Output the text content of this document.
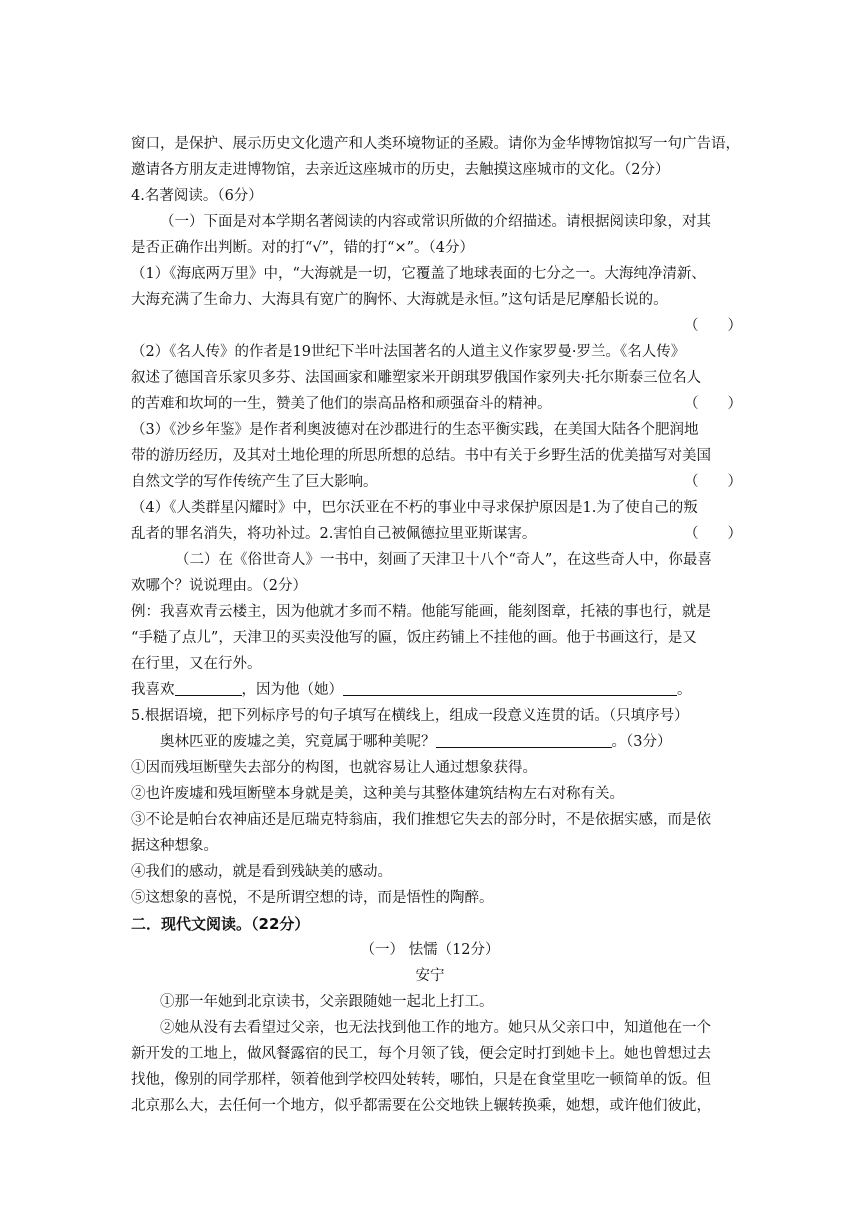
窗口，是保护、展示历史文化遗产和人类环境物证的圣殿。请你为金华博物馆拟写一句广告语，
邀请各方朋友走进博物馆，去亲近这座城市的历史，去触摸这座城市的文化。（2分）
4.名著阅读。（6分）
（一）下面是对本学期名著阅读的内容或常识所做的介绍描述。请根据阅读印象，对其
是否正确作出判断。对的打“√”，错的打“×”。（4分）
（1）《海底两万里》中，“大海就是一切，它覆盖了地球表面的七分之一。大海纯净清新、
大海充满了生命力、大海具有宽广的胸怀、大海就是永恒。”这句话是尼摩船长说的。
（　　）
（2）《名人传》的作者是19世纪下半叶法国著名的人道主义作家罗曼·罗兰。《名人传》
叙述了德国音乐家贝多芬、法国画家和雕塑家米开朗琪罗俄国作家列夫·托尔斯泰三位名人
的苦难和坎坷的一生，赞美了他们的崇高品格和顽强奋斗的精神。	（　　）
（3）《沙乡年鉴》是作者利奥波德对在沙郡进行的生态平衡实践，在美国大陆各个肥润地
带的游历经历，及其对土地伦理的所思所想的总结。书中有关于乡野生活的优美描写对美国
自然文学的写作传统产生了巨大影响。	（　　）
（4）《人类群星闪耀时》中，巴尔沃亚在不朽的事业中寻求保护原因是1.为了使自己的叛
乱者的罪名消失，将功补过。2.害怕自己被佩德拉里亚斯谋害。	（　　）
（二）在《俗世奇人》一书中，刻画了天津卫十八个“奇人”，在这些奇人中，你最喜
欢哪个？说说理由。（2分）
例：我喜欢青云楼主，因为他就才多而不精。他能写能画，能刻图章，托裱的事也行，就是
“手糙了点儿”，天津卫的买卖没他写的匾，饭庄药铺上不挂他的画。他于书画这行，是又
在行里，又在行外。
我喜欢	，因为他（她）	。
5.根据语境，把下列标序号的句子填写在横线上，组成一段意义连贯的话。（只填序号）
奥林匹亚的废墟之美，究竟属于哪种美呢？	。（3分）
①因而残垣断壁失去部分的构图，也就容易让人通过想象获得。
②也许废墟和残垣断壁本身就是美，这种美与其整体建筑结构左右对称有关。
③不论是帕台农神庙还是厄瑞克特翁庙，我们推想它失去的部分时，不是依据实感，而是依
据这种想象。
④我们的感动，就是看到残缺美的感动。
⑤这想象的喜悦，不是所谓空想的诗，而是悟性的陶醉。
二．现代文阅读。（22分）
（一） 怯懦（12分）
安宁
①那一年她到北京读书，父亲跟随她一起北上打工。
②她从没有去看望过父亲，也无法找到他工作的地方。她只从父亲口中，知道他在一个
新开发的工地上，做风餐露宿的民工，每个月领了钱，便会定时打到她卡上。她也曾想过去
找他，像别的同学那样，领着他到学校四处转转，哪怕，只是在食堂里吃一顿简单的饭。但
北京那么大，去任何一个地方，似乎都需要在公交地铁上辗转换乘，她想，或许他们彼此，
